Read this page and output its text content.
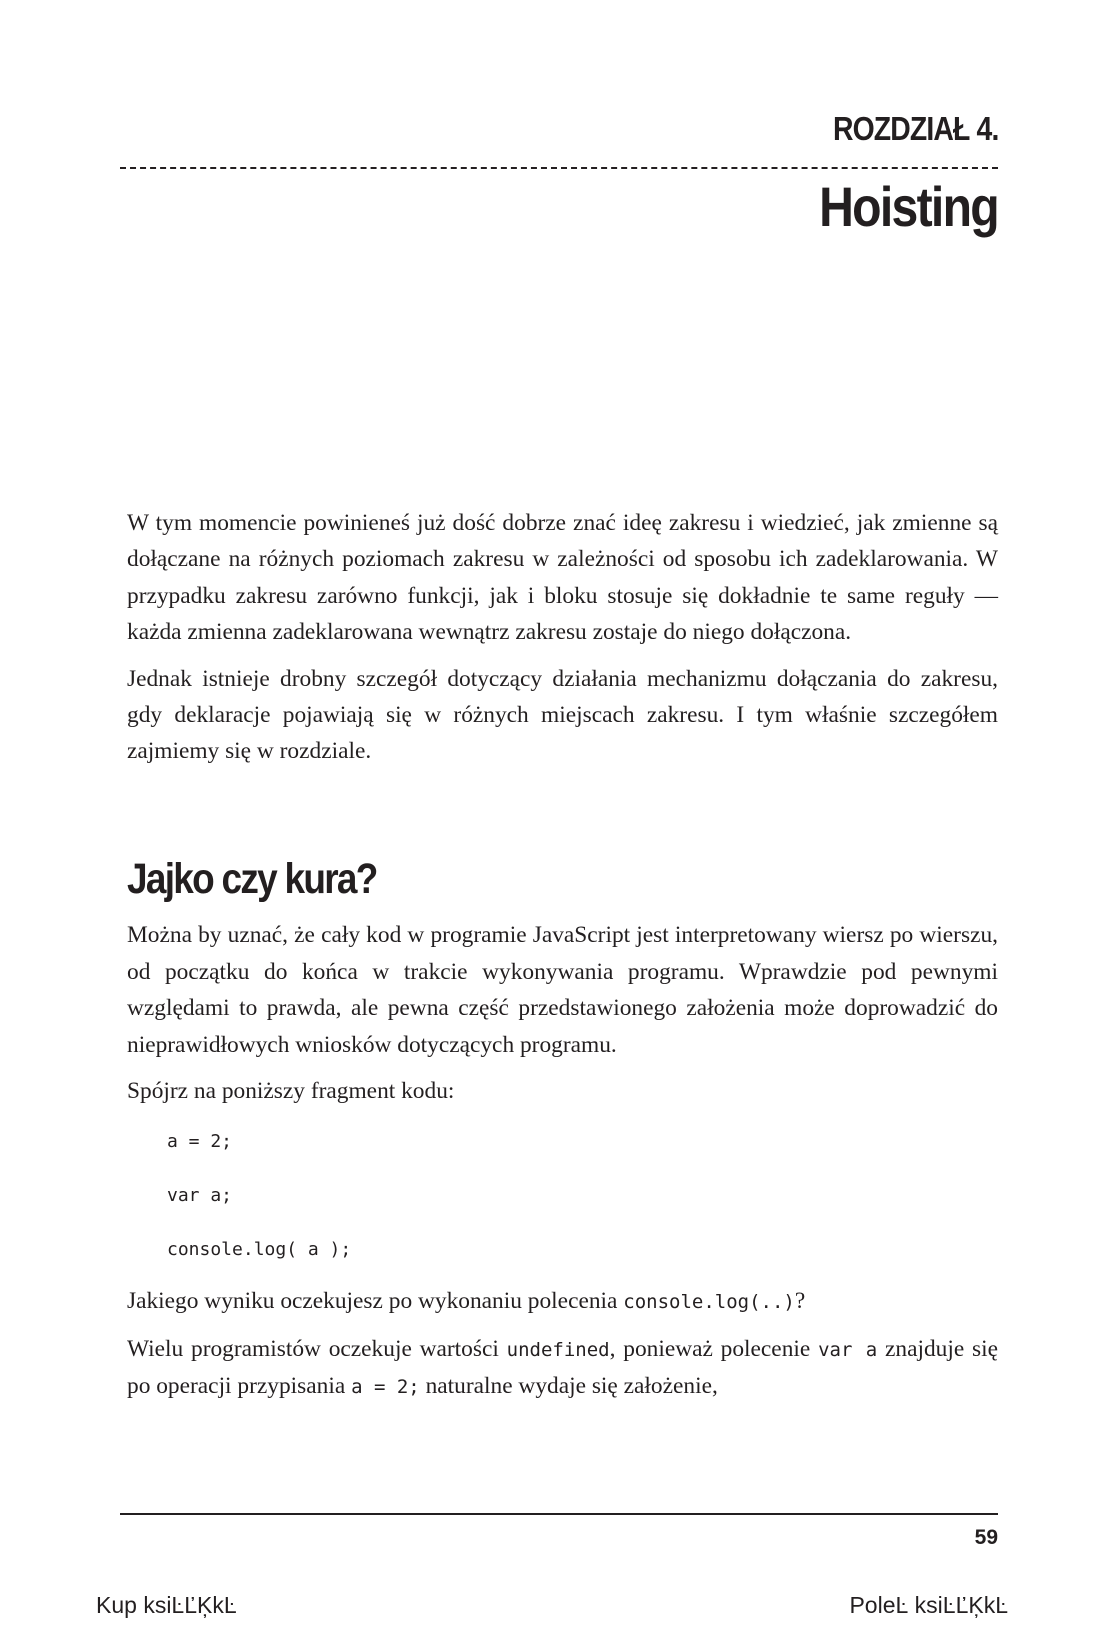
ROZDZIAŁ 4.
Hoisting

W tym momencie powinieneś już dość dobrze znać ideę zakresu i wiedzieć, jak zmienne są dołączane na różnych poziomach zakresu w zależności od sposobu ich zadeklarowania. W przypadku zakresu zarówno funkcji, jak i bloku stosuje się dokładnie te same reguły — każda zmienna zadeklarowana wewnątrz zakresu zostaje do niego dołączona.

Jednak istnieje drobny szczegół dotyczący działania mechanizmu dołączania do zakresu, gdy deklaracje pojawiają się w różnych miejscach zakresu. I tym właśnie szczegółem zajmiemy się w rozdziale.

Jajko czy kura?

Można by uznać, że cały kod w programie JavaScript jest interpretowany wiersz po wierszu, od początku do końca w trakcie wykonywania programu. Wprawdzie pod pewnymi względami to prawda, ale pewna część przedstawionego założenia może doprowadzić do nieprawidłowych wniosków dotyczących programu.

Spójrz na poniższy fragment kodu:

a = 2;
var a;
console.log( a );

Jakiego wyniku oczekujesz po wykonaniu polecenia console.log(..)?

Wielu programistów oczekuje wartości undefined, ponieważ polecenie var a znajduje się po operacji przypisania a = 2; naturalne wydaje się założenie,

59
Kup ksiĿĽĶkĿ	PoleĿ ksiĿĽĶkĿ
